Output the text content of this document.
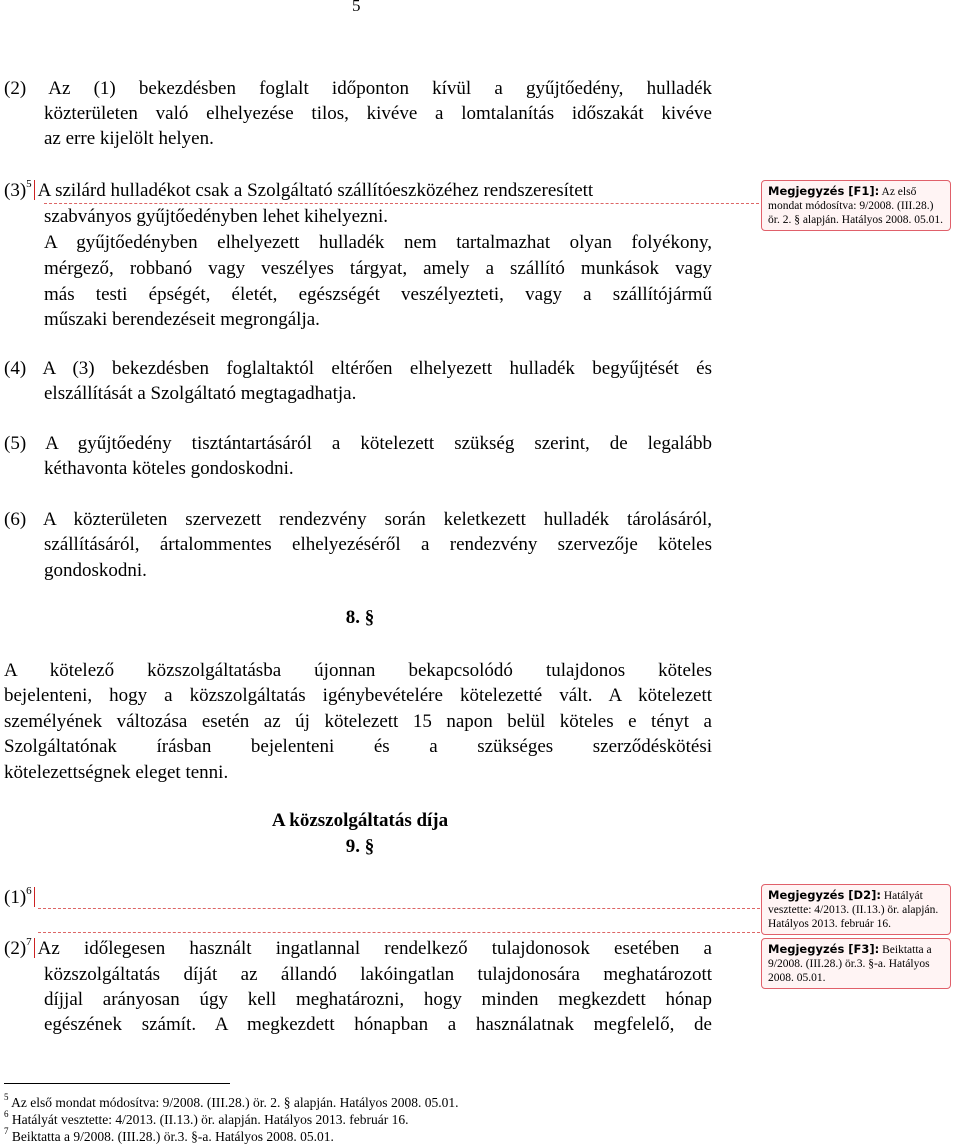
5
(2) Az (1) bekezdésben foglalt időponton kívül a gyűjtőedény, hulladék
közterületen való elhelyezése tilos, kivéve a lomtalanítás időszakát kivéve
az erre kijelölt helyen.
$(3)^5$ A szilárd hulladékot csak a Szolgáltató szállítóeszközéhez rendszeresített
szabványos gyűjtőedényben lehet kihelyezni.
A gyűjtőedényben elhelyezett hulladék nem tartalmazhat olyan folyékony,
mérgező, robbanó vagy veszélyes tárgyat, amely a szállító munkások vagy
más testi épségét, életét, egészségét veszélyezteti, vagy a szállítójármű
műszaki berendezéseit megrongálja.
(4) A (3) bekezdésben foglaltaktól eltérően elhelyezett hulladék begyűjtését és
elszállítását a Szolgáltató megtagadhatja.
(5) A gyűjtőedény tisztántartásáról a kötelezett szükség szerint, de legalább
kéthavonta köteles gondoskodni.
(6) A közterületen szervezett rendezvény során keletkezett hulladék tárolásáról,
szállításáról, ártalommentes elhelyezéséről a rendezvény szervezője köteles
gondoskodni.
8. §
A kötelező közszolgáltatásba újonnan bekapcsolódó tulajdonos köteles
bejelenteni, hogy a közszolgáltatás igénybevételére kötelezetté vált. A kötelezett
személyének változása esetén az új kötelezett 15 napon belül köteles e tényt a
Szolgáltatónak írásban bejelenteni és a szükséges szerződéskötési
kötelezettségnek eleget tenni.
A közszolgáltatás díja
9. §
$(1)^6$
$(2)^7$ Az időlegesen használt ingatlannal rendelkező tulajdonosok esetében a
közszolgáltatás díját az állandó lakóingatlan tulajdonosára meghatározott
díjjal arányosan úgy kell meghatározni, hogy minden megkezdett hónap
egészének számít. A megkezdett hónapban a használatnak megfelelő, de
Megjegyzés [F1]: Az első mondat módosítva: 9/2008. (III.28.) ör. 2. § alapján. Hatályos 2008. 05.01.
Megjegyzés [D2]: Hatályát vesztette: 4/2013. (II.13.) ör. alapján. Hatályos 2013. február 16.
Megjegyzés [F3]: Beiktatta a 9/2008. (III.28.) ör.3. §-a. Hatályos 2008. 05.01.
$^5$ Az első mondat módosítva: 9/2008. (III.28.) ör. 2. § alapján. Hatályos 2008. 05.01.
$^6$ Hatályát vesztette: 4/2013. (II.13.) ör. alapján. Hatályos 2013. február 16.
$^7$ Beiktatta a 9/2008. (III.28.) ör.3. §-a. Hatályos 2008. 05.01.
